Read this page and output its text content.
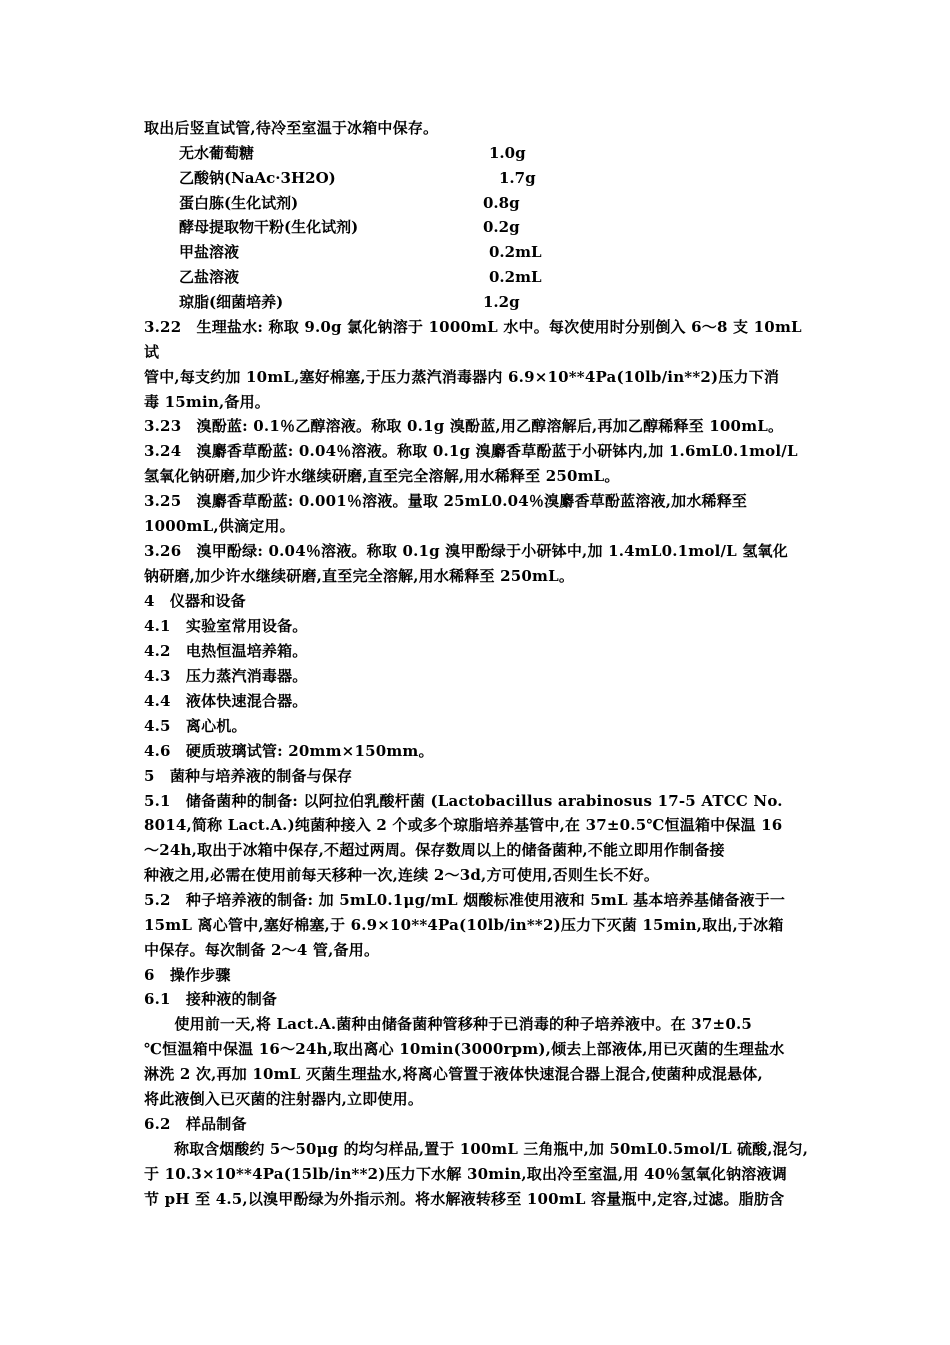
取出后竖直试管,待冷至室温于冰箱中保存。
无水葡萄糖	1.0g
乙酸钠(NaAc·3H2O)	1.7g
蛋白胨(生化试剂)	0.8g
酵母提取物干粉(生化试剂)	0.2g
甲盐溶液	0.2mL
乙盐溶液	0.2mL
琼脂(细菌培养)	1.2g
3.22　生理盐水: 称取 9.0g 氯化钠溶于 1000mL 水中。每次使用时分别倒入 6～8 支 10mL
试
管中,每支约加 10mL,塞好棉塞,于压力蒸汽消毒器内 6.9×10**4Pa(10lb/in**2)压力下消
毒 15min,备用。
3.23　溴酚蓝: 0.1％乙醇溶液。称取 0.1g 溴酚蓝,用乙醇溶解后,再加乙醇稀释至 100mL。
3.24　溴麝香草酚蓝: 0.04％溶液。称取 0.1g 溴麝香草酚蓝于小研钵内,加 1.6mL0.1mol/L
氢氧化钠研磨,加少许水继续研磨,直至完全溶解,用水稀释至 250mL。
3.25　溴麝香草酚蓝: 0.001％溶液。量取 25mL0.04％溴麝香草酚蓝溶液,加水稀释至
1000mL,供滴定用。
3.26　溴甲酚绿: 0.04％溶液。称取 0.1g 溴甲酚绿于小研钵中,加 1.4mL0.1mol/L 氢氧化
钠研磨,加少许水继续研磨,直至完全溶解,用水稀释至 250mL。
4　仪器和设备
4.1　实验室常用设备。
4.2　电热恒温培养箱。
4.3　压力蒸汽消毒器。
4.4　液体快速混合器。
4.5　离心机。
4.6　硬质玻璃试管: 20mm×150mm。
5　菌种与培养液的制备与保存
5.1　储备菌种的制备: 以阿拉伯乳酸杆菌 (Lactobacillus arabinosus 17-5 ATCC No.
8014,简称 Lact.A.)纯菌种接入 2 个或多个琼脂培养基管中,在 37±0.5℃恒温箱中保温 16
～24h,取出于冰箱中保存,不超过两周。保存数周以上的储备菌种,不能立即用作制备接
种液之用,必需在使用前每天移种一次,连续 2～3d,方可使用,否则生长不好。
5.2　种子培养液的制备: 加 5mL0.1μg/mL 烟酸标准使用液和 5mL 基本培养基储备液于一
15mL 离心管中,塞好棉塞,于 6.9×10**4Pa(10lb/in**2)压力下灭菌 15min,取出,于冰箱
中保存。每次制备 2～4 管,备用。
6　操作步骤
6.1　接种液的制备
　　使用前一天,将 Lact.A.菌种由储备菌种管移种于已消毒的种子培养液中。在 37±0.5
℃恒温箱中保温 16～24h,取出离心 10min(3000rpm),倾去上部液体,用已灭菌的生理盐水
淋洗 2 次,再加 10mL 灭菌生理盐水,将离心管置于液体快速混合器上混合,使菌种成混悬体,
将此液倒入已灭菌的注射器内,立即使用。
6.2　样品制备
　　称取含烟酸约 5～50μg 的均匀样品,置于 100mL 三角瓶中,加 50mL0.5mol/L 硫酸,混匀,
于 10.3×10**4Pa(15lb/in**2)压力下水解 30min,取出冷至室温,用 40％氢氧化钠溶液调
节 pH 至 4.5,以溴甲酚绿为外指示剂。将水解液转移至 100mL 容量瓶中,定容,过滤。脂肪含
